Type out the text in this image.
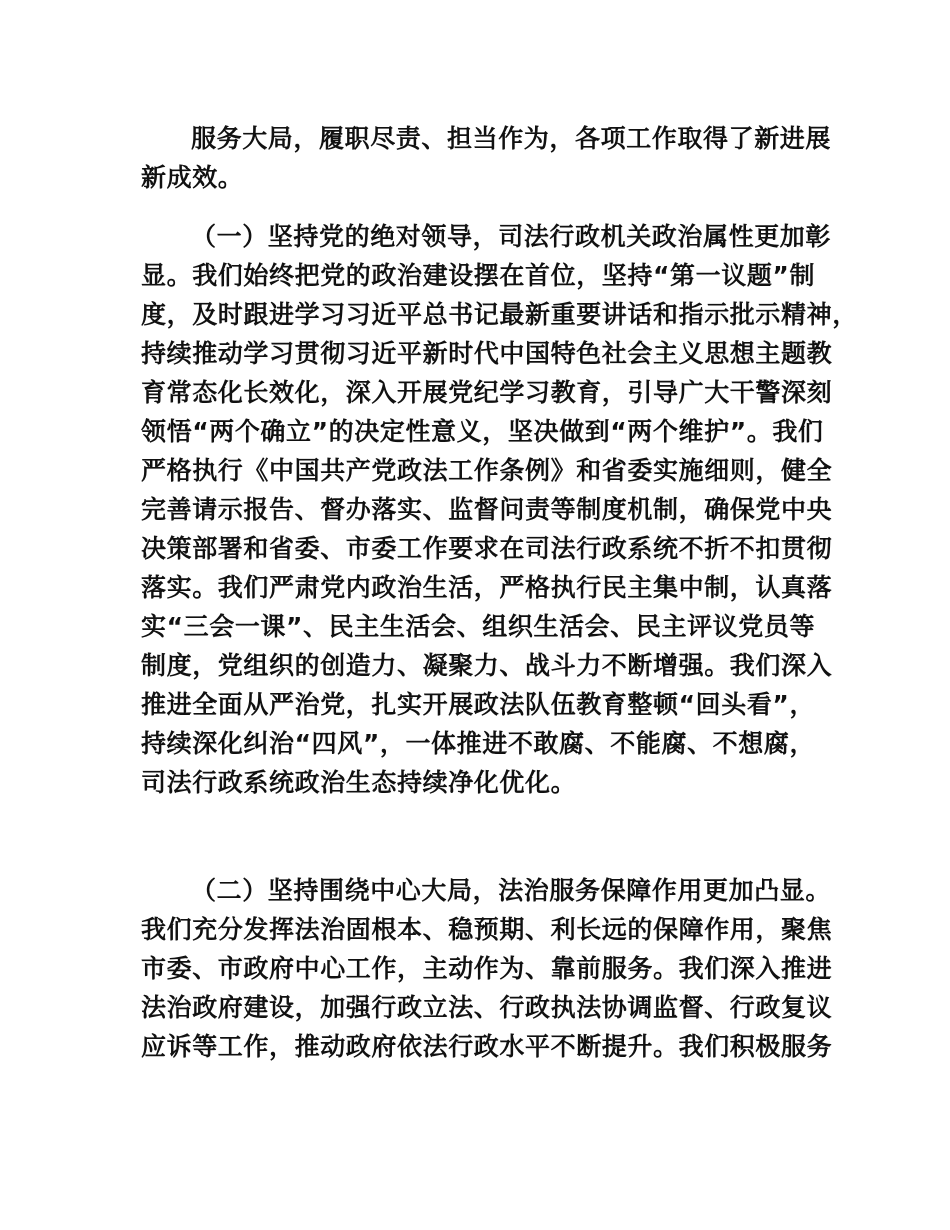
服务大局，履职尽责、担当作为，各项工作取得了新进展
新成效。
（一）坚持党的绝对领导，司法行政机关政治属性更加彰
显。我们始终把党的政治建设摆在首位，坚持“第一议题”制
度，及时跟进学习习近平总书记最新重要讲话和指示批示精神，
持续推动学习贯彻习近平新时代中国特色社会主义思想主题教
育常态化长效化，深入开展党纪学习教育，引导广大干警深刻
领悟“两个确立”的决定性意义，坚决做到“两个维护”。我们
严格执行《中国共产党政法工作条例》和省委实施细则，健全
完善请示报告、督办落实、监督问责等制度机制，确保党中央
决策部署和省委、市委工作要求在司法行政系统不折不扣贯彻
落实。我们严肃党内政治生活，严格执行民主集中制，认真落
实“三会一课”、民主生活会、组织生活会、民主评议党员等
制度，党组织的创造力、凝聚力、战斗力不断增强。我们深入
推进全面从严治党，扎实开展政法队伍教育整顿“回头看”，
持续深化纠治“四风”，一体推进不敢腐、不能腐、不想腐，
司法行政系统政治生态持续净化优化。
（二）坚持围绕中心大局，法治服务保障作用更加凸显。
我们充分发挥法治固根本、稳预期、利长远的保障作用，聚焦
市委、市政府中心工作，主动作为、靠前服务。我们深入推进
法治政府建设，加强行政立法、行政执法协调监督、行政复议
应诉等工作，推动政府依法行政水平不断提升。我们积极服务
